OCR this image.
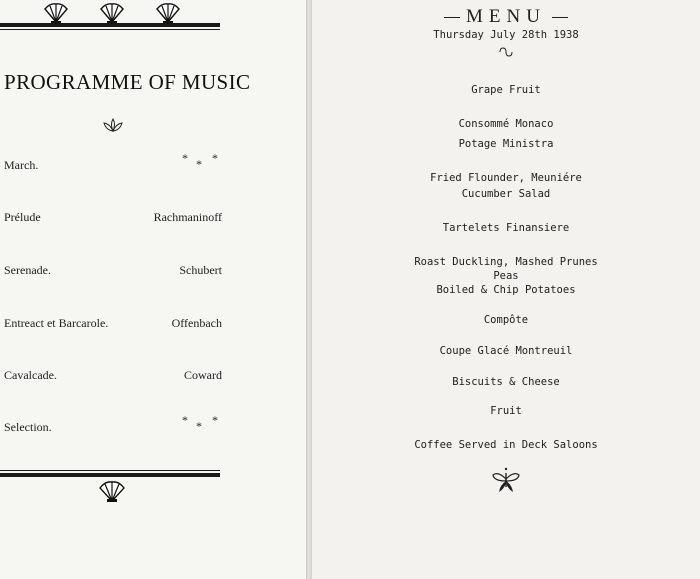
PROGRAMME OF MUSIC
March.	* * *
Prélude	Rachmaninoff
Serenade.	Schubert
Entreact et Barcarole.	Offenbach
Cavalcade.	Coward
Selection.	* * *
MENU
Thursday July 28th 1938
Grape Fruit
Consommé Monaco
Potage Ministra
Fried Flounder, Meuniére
Cucumber Salad
Tartelets Finansiere
Roast Duckling, Mashed Prunes
Peas
Boiled & Chip Potatoes
Compôte
Coupe Glacé Montreuil
Biscuits & Cheese
Fruit
Coffee Served in Deck Saloons
